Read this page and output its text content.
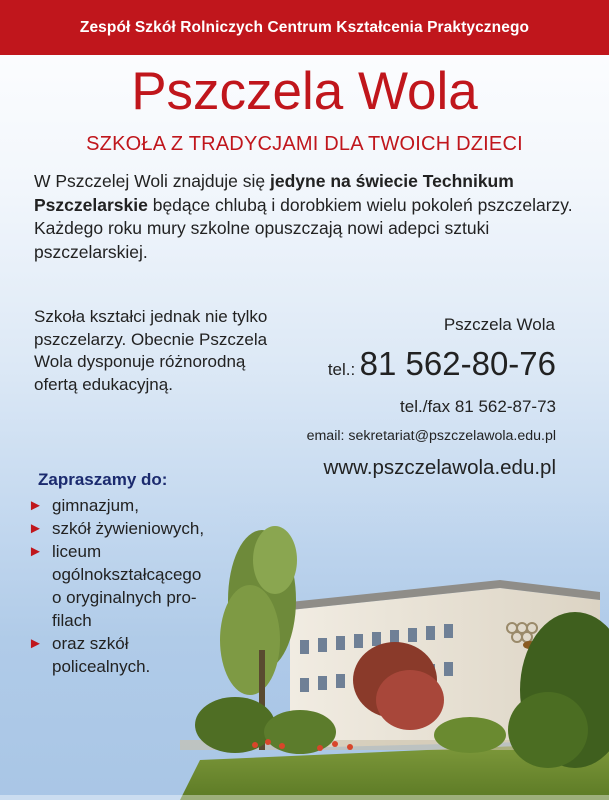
Zespół Szkół Rolniczych Centrum Kształcenia Praktycznego
Pszczela Wola
SZKOŁA Z TRADYCJAMI DLA TWOICH DZIECI
W Pszczelej Woli znajduje się jedyne na świecie Technikum Pszczelarskie będące chlubą i dorobkiem wielu pokoleń pszczelarzy. Każdego roku mury szkolne opuszczają nowi adepci sztuki pszczelarskiej.
Szkoła kształci jednak nie tylko pszczelarzy. Obecnie Pszczela Wola dysponuje różnorodną ofertą edukacyjną.
Pszczela Wola
tel.: 81 562-80-76
tel./fax 81 562-87-73
email: sekretariat@pszczelawola.edu.pl
www.pszczelawola.edu.pl
Zapraszamy do:
► gimnazjum,
► szkół żywieniowych,
► liceum ogólnokształcącego o oryginalnych pro-filach
► oraz szkół policealnych.
